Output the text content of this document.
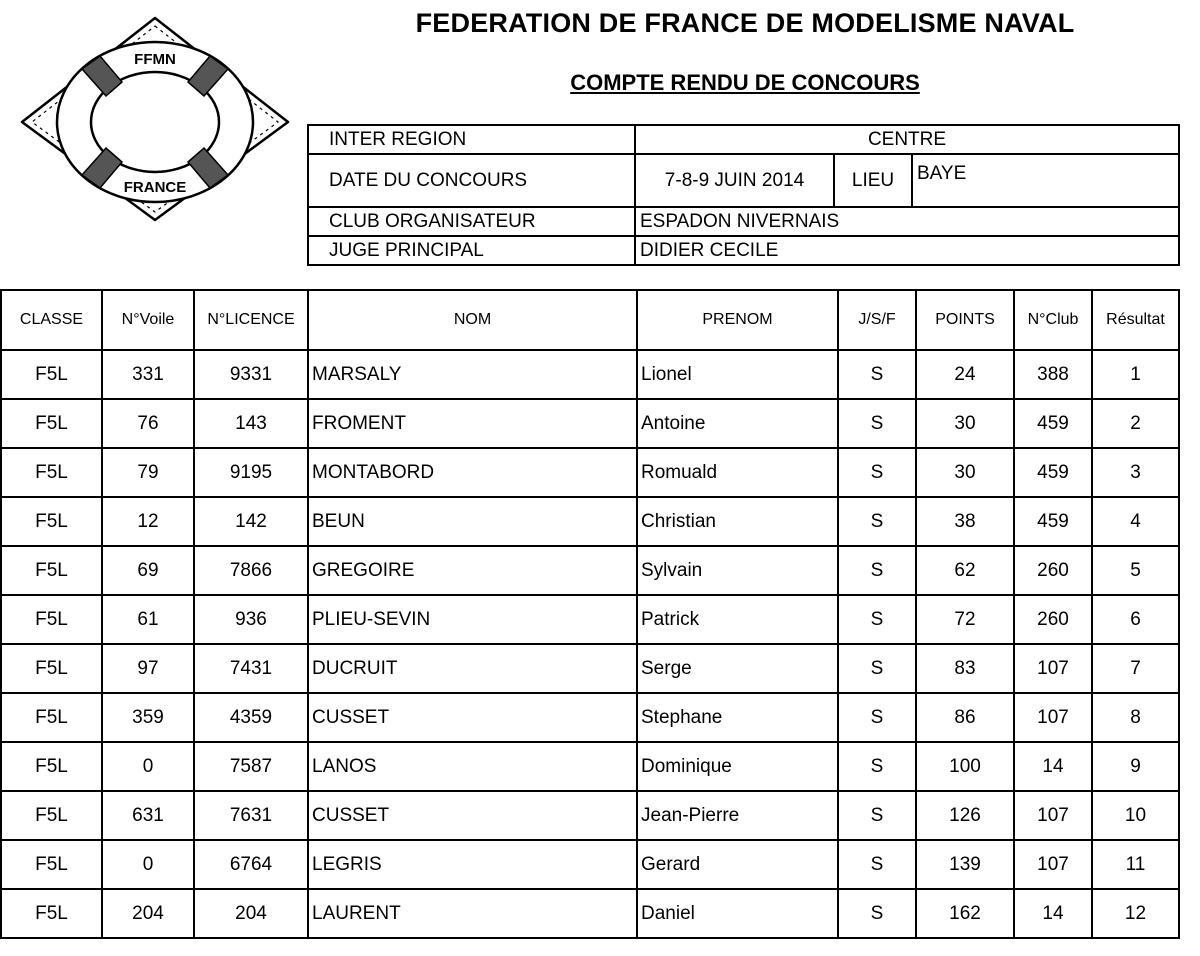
FFMN
FRANCE
FEDERATION DE FRANCE DE MODELISME NAVAL
COMPTE RENDU DE CONCOURS
INTER REGION	CENTRE		
DATE DU CONCOURS	7-8-9 JUIN 2014	LIEU	BAYE
CLUB ORGANISATEUR	ESPADON NIVERNAIS		
JUGE PRINCIPAL	DIDIER CECILE		
CLASSE	N°Voile	N°LICENCE	NOM	PRENOM	J/S/F	POINTS	N°Club	Résultat
F5L	331	9331	MARSALY	Lionel	S	24	388	1
F5L	76	143	FROMENT	Antoine	S	30	459	2
F5L	79	9195	MONTABORD	Romuald	S	30	459	3
F5L	12	142	BEUN	Christian	S	38	459	4
F5L	69	7866	GREGOIRE	Sylvain	S	62	260	5
F5L	61	936	PLIEU-SEVIN	Patrick	S	72	260	6
F5L	97	7431	DUCRUIT	Serge	S	83	107	7
F5L	359	4359	CUSSET	Stephane	S	86	107	8
F5L	0	7587	LANOS	Dominique	S	100	14	9
F5L	631	7631	CUSSET	Jean-Pierre	S	126	107	10
F5L	0	6764	LEGRIS	Gerard	S	139	107	11
F5L	204	204	LAURENT	Daniel	S	162	14	12
